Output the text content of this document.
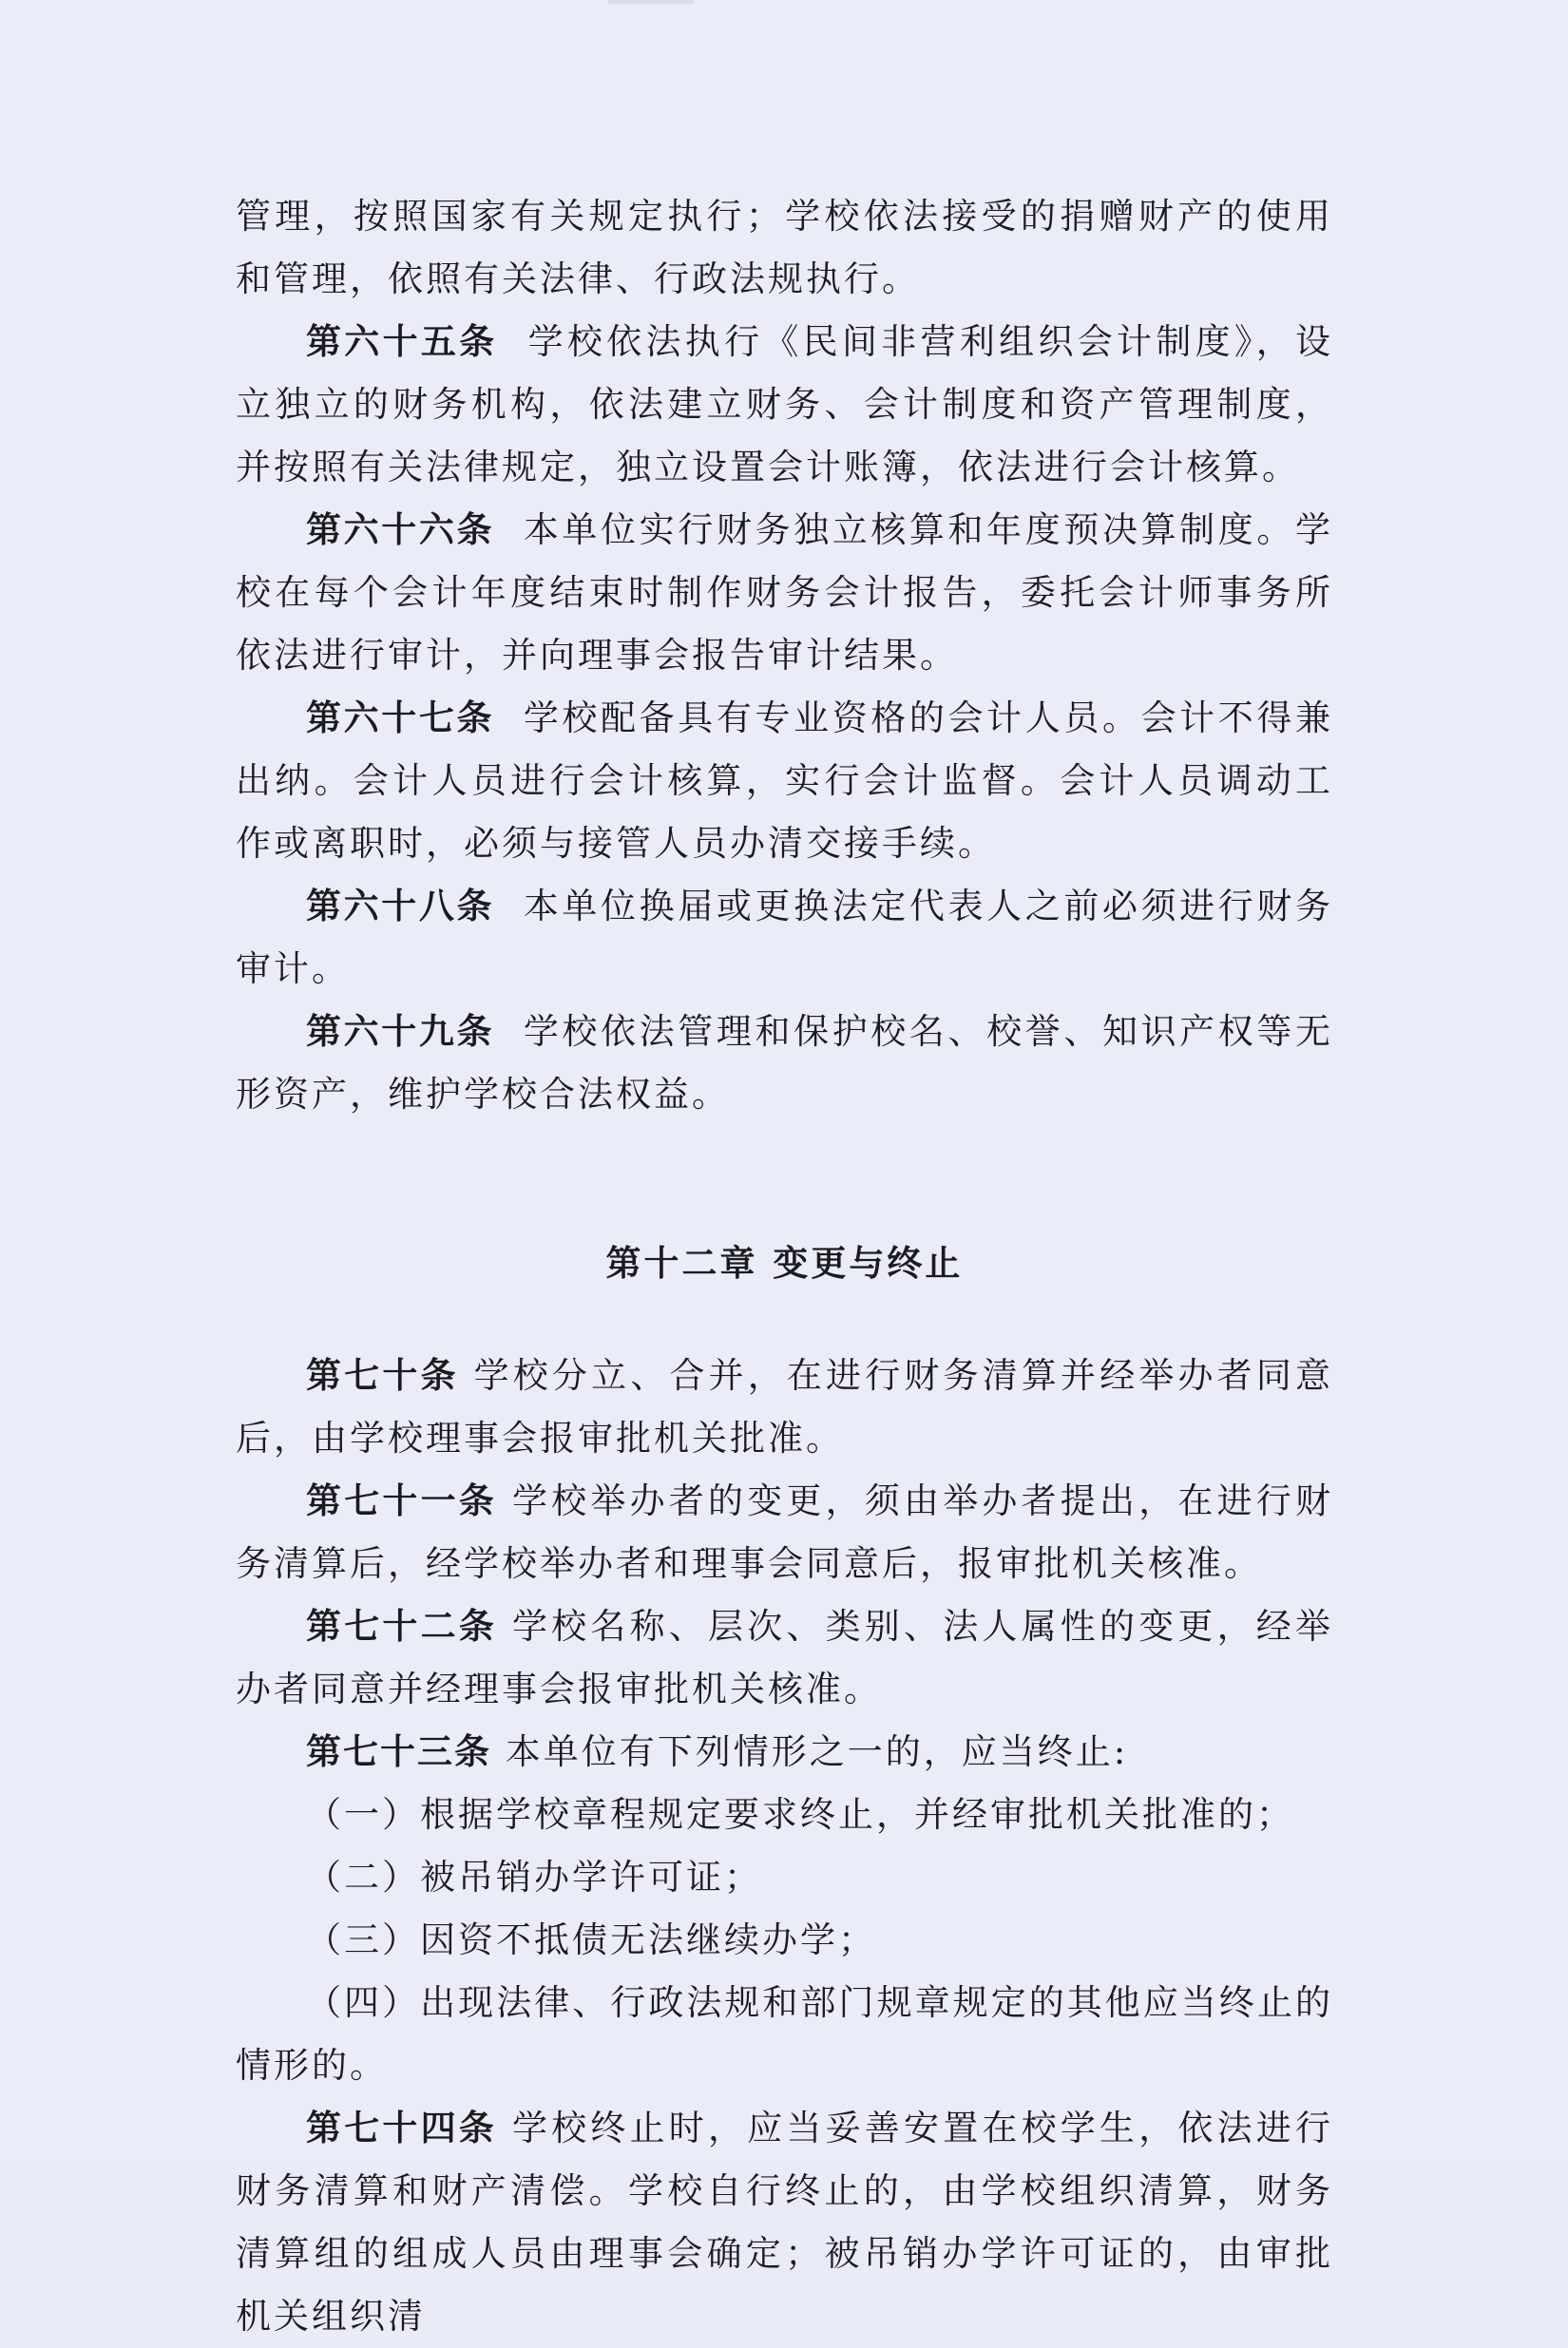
管理，按照国家有关规定执行；学校依法接受的捐赠财产的使用和管理，依照有关法律、行政法规执行。

第六十五条 学校依法执行《民间非营利组织会计制度》，设立独立的财务机构，依法建立财务、会计制度和资产管理制度，并按照有关法律规定，独立设置会计账簿，依法进行会计核算。

第六十六条 本单位实行财务独立核算和年度预决算制度。学校在每个会计年度结束时制作财务会计报告，委托会计师事务所依法进行审计，并向理事会报告审计结果。

第六十七条 学校配备具有专业资格的会计人员。会计不得兼出纳。会计人员进行会计核算，实行会计监督。会计人员调动工作或离职时，必须与接管人员办清交接手续。

第六十八条 本单位换届或更换法定代表人之前必须进行财务审计。

第六十九条 学校依法管理和保护校名、校誉、知识产权等无形资产，维护学校合法权益。

第十二章 变更与终止

第七十条 学校分立、合并，在进行财务清算并经举办者同意后，由学校理事会报审批机关批准。

第七十一条 学校举办者的变更，须由举办者提出，在进行财务清算后，经学校举办者和理事会同意后，报审批机关核准。

第七十二条 学校名称、层次、类别、法人属性的变更，经举办者同意并经理事会报审批机关核准。

第七十三条 本单位有下列情形之一的，应当终止:

（一）根据学校章程规定要求终止，并经审批机关批准的；

（二）被吊销办学许可证；

（三）因资不抵债无法继续办学；

（四）出现法律、行政法规和部门规章规定的其他应当终止的情形的。

第七十四条 学校终止时，应当妥善安置在校学生，依法进行财务清算和财产清偿。学校自行终止的，由学校组织清算，财务清算组的组成人员由理事会确定；被吊销办学许可证的，由审批机关组织清
